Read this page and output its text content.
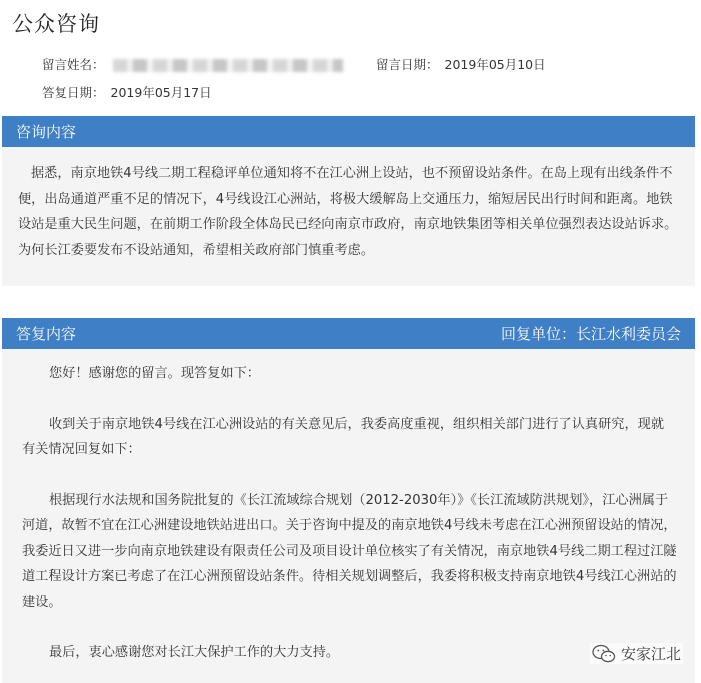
公众咨询
留言姓名：	留言日期： 2019年05月10日
答复日期： 2019年05月17日
咨询内容

据悉，南京地铁4号线二期工程稳评单位通知将不在江心洲上设站，也不预留设站条件。在岛上现有出线条件不便，出岛通道严重不足的情况下，4号线设江心洲站，将极大缓解岛上交通压力，缩短居民出行时间和距离。地铁设站是重大民生问题，在前期工作阶段全体岛民已经向南京市政府，南京地铁集团等相关单位强烈表达设站诉求。为何长江委要发布不设站通知，希望相关政府部门慎重考虑。

答复内容	回复单位：长江水利委员会

您好！感谢您的留言。现答复如下：

收到关于南京地铁4号线在江心洲设站的有关意见后，我委高度重视，组织相关部门进行了认真研究，现就有关情况回复如下：

根据现行水法规和国务院批复的《长江流域综合规划（2012-2030年）》《长江流域防洪规划》，江心洲属于河道，故暂不宜在江心洲建设地铁站进出口。关于咨询中提及的南京地铁4号线未考虑在江心洲预留设站的情况，我委近日又进一步向南京地铁建设有限责任公司及项目设计单位核实了有关情况，南京地铁4号线二期工程过江隧道工程设计方案已考虑了在江心洲预留设站条件。待相关规划调整后，我委将积极支持南京地铁4号线江心洲站的建设。

最后，衷心感谢您对长江大保护工作的大力支持。	安家江北
